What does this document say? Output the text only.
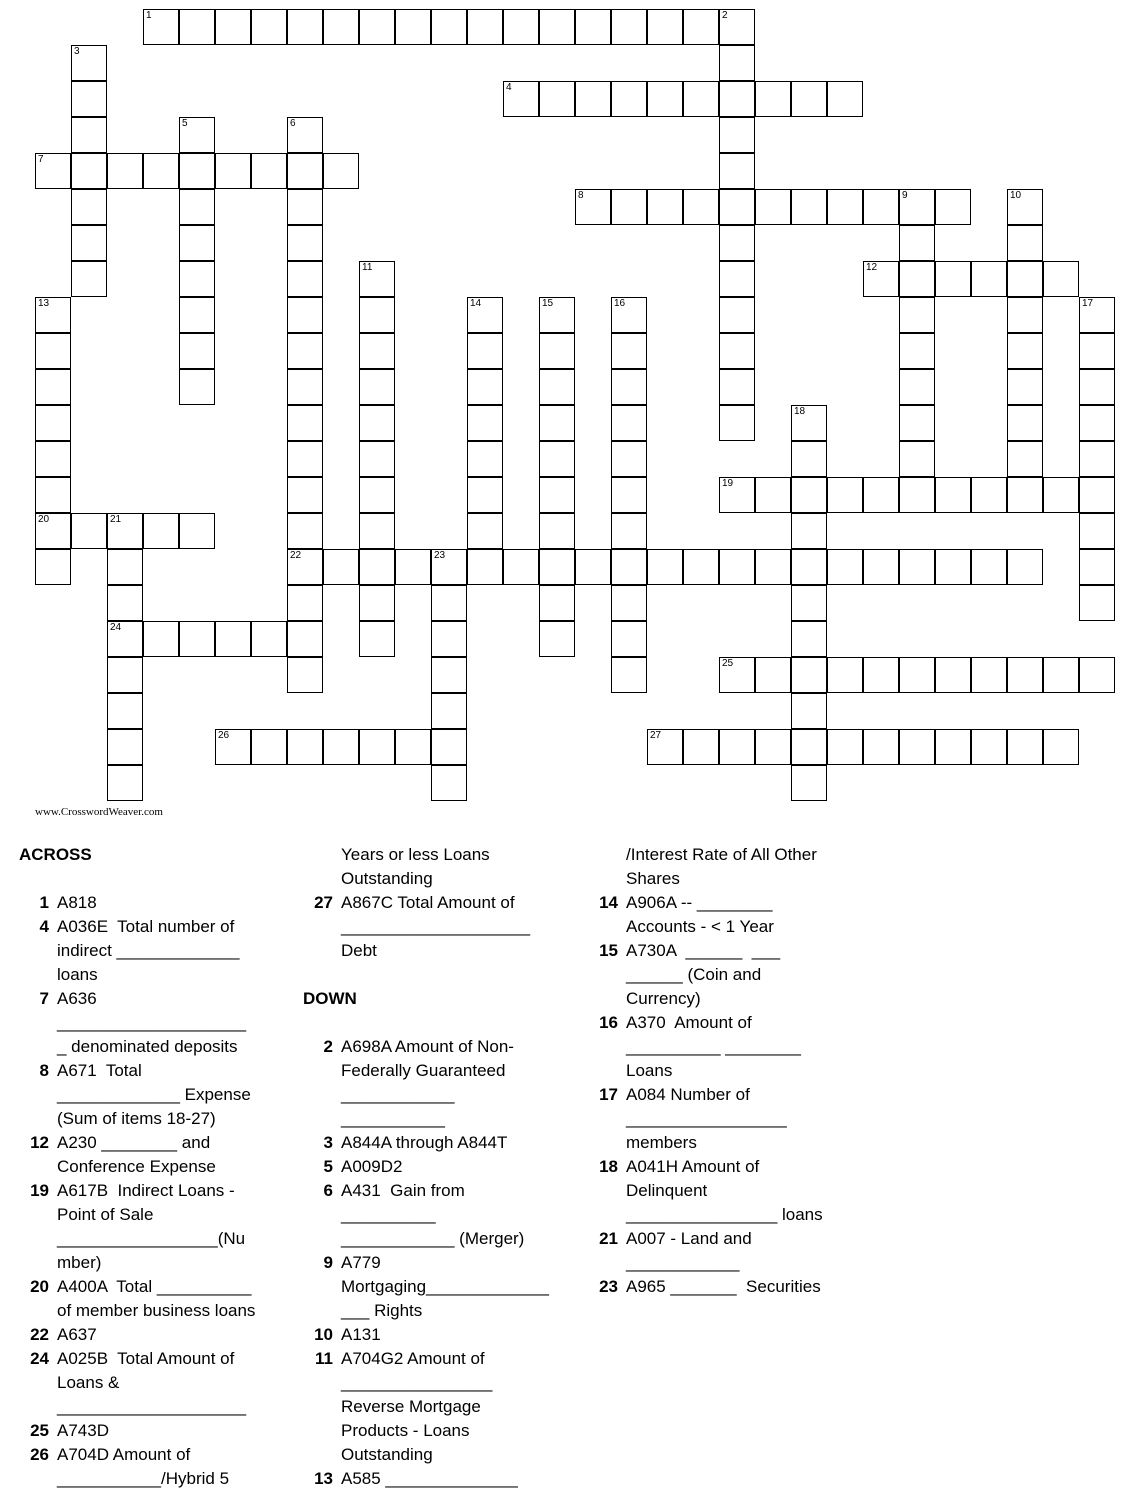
1	2
3
4
5	6
22
7
8	9	10
11	12
13
20
14	15	16	17
18
19
21
24
23
25
26	27
www.CrosswordWeaver.com
ACROSS
1 A818
4 A036E  Total number of
indirect _____________
loans
7 A636
____________________
_ denominated deposits
8 A671  Total
_____________ Expense
(Sum of items 18-27)
12 A230 ________ and
Conference Expense
19 A617B  Indirect Loans -
Point of Sale
_________________(Nu
mber)
20 A400A  Total __________
of member business loans
22 A637
24 A025B  Total Amount of
Loans &
____________________
25 A743D
26 A704D Amount of
___________/Hybrid 5
Years or less Loans
Outstanding
27 A867C Total Amount of
____________________
Debt
DOWN
2 A698A Amount of Non-
Federally Guaranteed
____________
___________
3 A844A through A844T
5 A009D2
6 A431  Gain from
__________
____________ (Merger)
9 A779
Mortgaging_____________
___ Rights
10 A131
11 A704G2 Amount of
________________
Reverse Mortgage
Products - Loans
Outstanding
13 A585 ______________
/Interest Rate of All Other
Shares
14 A906A -- ________
Accounts - < 1 Year
15 A730A  ______  ___
______ (Coin and
Currency)
16 A370  Amount of
__________ ________
Loans
17 A084 Number of
_________________
members
18 A041H Amount of
Delinquent
________________ loans
21 A007 - Land and
____________
23 A965 _______  Securities
